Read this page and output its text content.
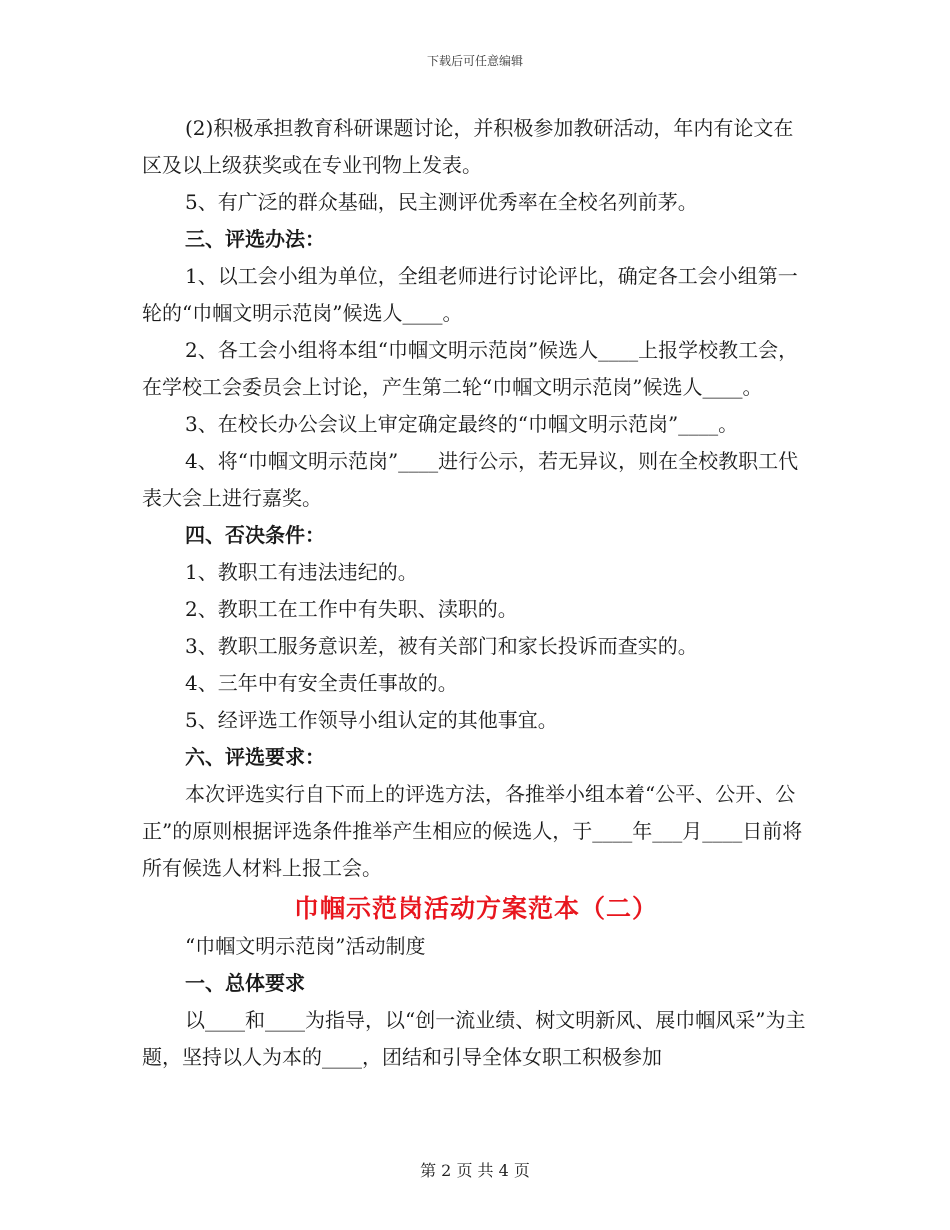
下载后可任意编辑

(2)积极承担教育科研课题讨论，并积极参加教研活动，年内有论文在区及以上级获奖或在专业刊物上发表。

5、有广泛的群众基础，民主测评优秀率在全校名列前茅。

三、评选办法：

1、以工会小组为单位，全组老师进行讨论评比，确定各工会小组第一轮的“巾帼文明示范岗”候选人____。

2、各工会小组将本组“巾帼文明示范岗”候选人____上报学校教工会，在学校工会委员会上讨论，产生第二轮“巾帼文明示范岗”候选人____。

3、在校长办公会议上审定确定最终的“巾帼文明示范岗”____。

4、将“巾帼文明示范岗”____进行公示，若无异议，则在全校教职工代表大会上进行嘉奖。

四、否决条件：

1、教职工有违法违纪的。

2、教职工在工作中有失职、渎职的。

3、教职工服务意识差，被有关部门和家长投诉而查实的。

4、三年中有安全责任事故的。

5、经评选工作领导小组认定的其他事宜。

六、评选要求：

本次评选实行自下而上的评选方法，各推举小组本着“公平、公开、公正”的原则根据评选条件推举产生相应的候选人，于____年___月____日前将所有候选人材料上报工会。

巾帼示范岗活动方案范本（二）

“巾帼文明示范岗”活动制度

一、总体要求

以____和____为指导，以“创一流业绩、树文明新风、展巾帼风采”为主题，坚持以人为本的____，团结和引导全体女职工积极参加

第 2 页 共 4 页
